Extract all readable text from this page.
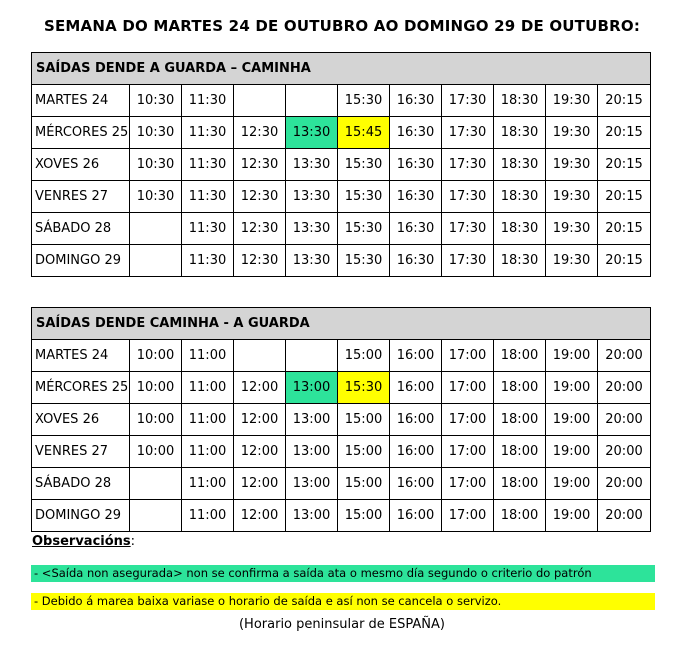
SEMANA DO MARTES 24 DE OUTUBRO AO DOMINGO 29 DE OUTUBRO:
SAÍDAS DENDE A GUARDA – CAMINHA										
MARTES 24	10:30	11:30			15:30	16:30	17:30	18:30	19:30	20:15
MÉRCORES 25	10:30	11:30	12:30	13:30	15:45	16:30	17:30	18:30	19:30	20:15
XOVES 26	10:30	11:30	12:30	13:30	15:30	16:30	17:30	18:30	19:30	20:15
VENRES 27	10:30	11:30	12:30	13:30	15:30	16:30	17:30	18:30	19:30	20:15
SÁBADO 28		11:30	12:30	13:30	15:30	16:30	17:30	18:30	19:30	20:15
DOMINGO 29		11:30	12:30	13:30	15:30	16:30	17:30	18:30	19:30	20:15
SAÍDAS DENDE CAMINHA - A GUARDA										
MARTES 24	10:00	11:00			15:00	16:00	17:00	18:00	19:00	20:00
MÉRCORES 25	10:00	11:00	12:00	13:00	15:30	16:00	17:00	18:00	19:00	20:00
XOVES 26	10:00	11:00	12:00	13:00	15:00	16:00	17:00	18:00	19:00	20:00
VENRES 27	10:00	11:00	12:00	13:00	15:00	16:00	17:00	18:00	19:00	20:00
SÁBADO 28		11:00	12:00	13:00	15:00	16:00	17:00	18:00	19:00	20:00
DOMINGO 29		11:00	12:00	13:00	15:00	16:00	17:00	18:00	19:00	20:00
Observacións:
- <Saída non asegurada> non se confirma a saída ata o mesmo día segundo o criterio do patrón
- Debido á marea baixa variase o horario de saída e así non se cancela o servizo.
(Horario peninsular de ESPAÑA)
